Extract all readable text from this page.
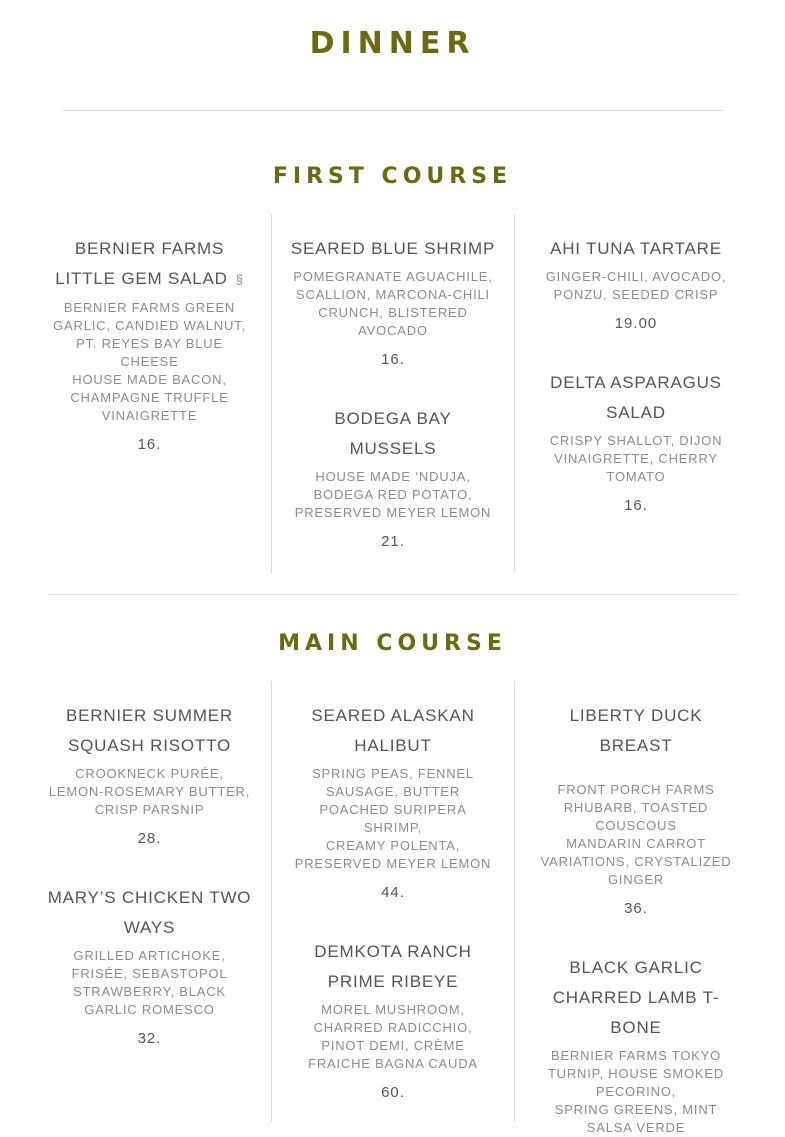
DINNER
FIRST COURSE
BERNIER FARMS LITTLE GEM SALAD §
BERNIER FARMS GREEN GARLIC, CANDIED WALNUT, PT. REYES BAY BLUE CHEESE
HOUSE MADE BACON, CHAMPAGNE TRUFFLE VINAIGRETTE
16.
SEARED BLUE SHRIMP
POMEGRANATE AGUACHILE, SCALLION, MARCONA-CHILI CRUNCH, BLISTERED AVOCADO
16.
BODEGA BAY MUSSELS
HOUSE MADE ‘NDUJA, BODEGA RED POTATO, PRESERVED MEYER LEMON
21.
AHI TUNA TARTARE
GINGER-CHILI, AVOCADO, PONZU, SEEDED CRISP
19.00
DELTA ASPARAGUS SALAD
CRISPY SHALLOT, DIJON VINAIGRETTE, CHERRY TOMATO
16.
MAIN COURSE
BERNIER SUMMER SQUASH RISOTTO
CROOKNECK PURÉE, LEMON-ROSEMARY BUTTER, CRISP PARSNIP
28.
MARY’S CHICKEN TWO WAYS
GRILLED ARTICHOKE, FRISÉE, SEBASTOPOL STRAWBERRY, BLACK GARLIC ROMESCO
32.
SEARED ALASKAN HALIBUT
SPRING PEAS, FENNEL SAUSAGE, BUTTER POACHED SURIPERA SHRIMP,
CREAMY POLENTA, PRESERVED MEYER LEMON
44.
DEMKOTA RANCH PRIME RIBEYE
MOREL MUSHROOM, CHARRED RADICCHIO, PINOT DEMI, CRÈME FRAICHE BAGNA CAUDA
60.
LIBERTY DUCK BREAST
FRONT PORCH FARMS RHUBARB, TOASTED COUSCOUS
MANDARIN CARROT VARIATIONS, CRYSTALIZED GINGER
36.
BLACK GARLIC CHARRED LAMB T-BONE
BERNIER FARMS TOKYO TURNIP, HOUSE SMOKED PECORINO,
SPRING GREENS, MINT SALSA VERDE
